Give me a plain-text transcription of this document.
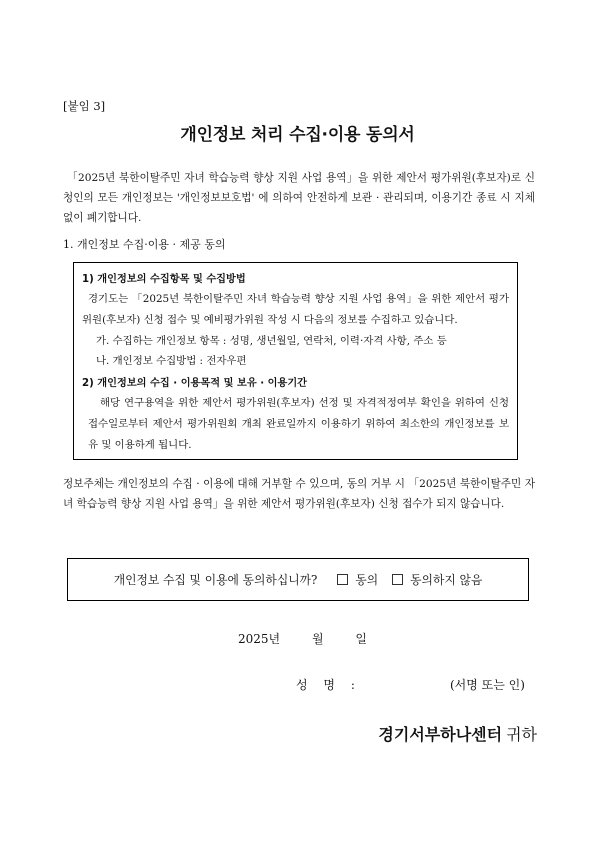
[붙임 3]
개인정보 처리 수집·이용 동의서
「2025년 북한이탈주민 자녀 학습능력 향상 지원 사업 용역」을 위한 제안서 평가위원(후보자)로 신청인의 모든 개인정보는 '개인정보보호법' 에 의하여 안전하게 보관 · 관리되며, 이용기간 종료 시 지체 없이 폐기합니다.
1. 개인정보 수집·이용 · 제공 동의
1) 개인정보의 수집항목 및 수집방법
경기도는 「2025년 북한이탈주민 자녀 학습능력 향상 지원 사업 용역」을 위한 제안서 평가위원(후보자) 신청 접수 및 예비평가위원 작성 시 다음의 정보를 수집하고 있습니다.
가. 수집하는 개인정보 항목 : 성명, 생년월일, 연락처, 이력·자격 사항, 주소 등
나. 개인정보 수집방법 : 전자우편
2) 개인정보의 수집 · 이용목적 및 보유 · 이용기간
해당 연구용역을 위한 제안서 평가위원(후보자) 선정 및 자격적정여부 확인을 위하여 신청 접수일로부터 제안서 평가위원회 개최 완료일까지 이용하기 위하여 최소한의 개인정보를 보유 및 이용하게 됩니다.
정보주체는 개인정보의 수집 · 이용에 대해 거부할 수 있으며, 동의 거부 시 「2025년 북한이탈주민 자녀 학습능력 향상 지원 사업 용역」을 위한 제안서 평가위원(후보자) 신청 접수가 되지 않습니다.
개인정보 수집 및 이용에 동의하십니까?	동의	동의하지 않음
2025년	월	일
성 명 :	(서명 또는 인)
경기서부하나센터 귀하
